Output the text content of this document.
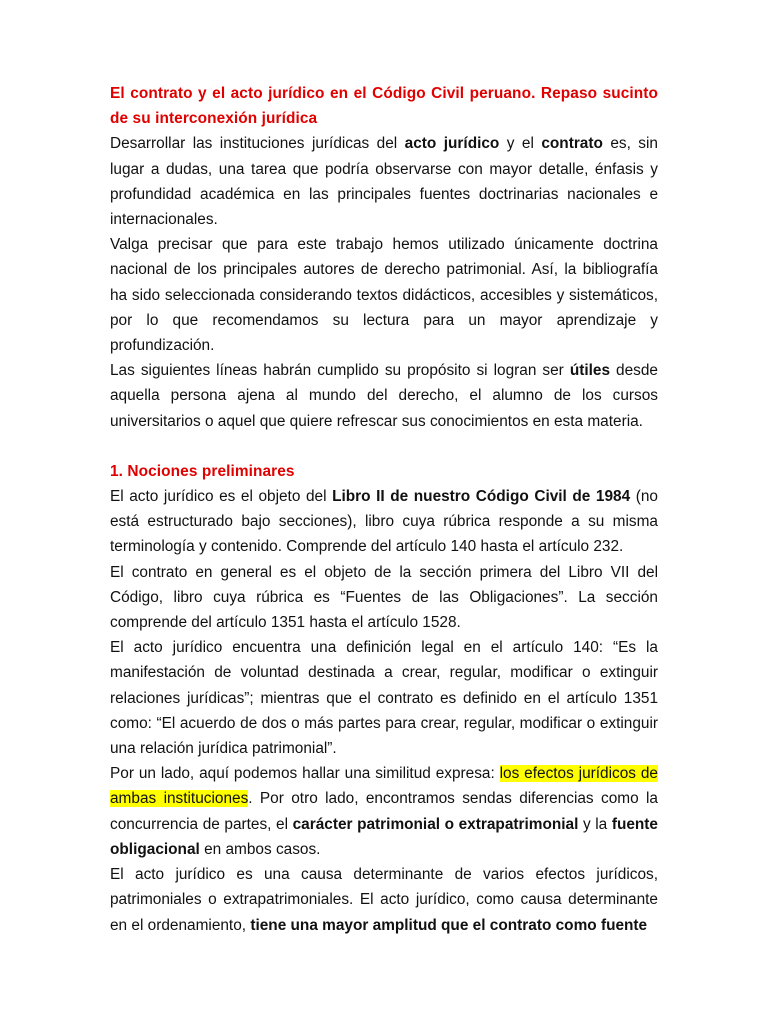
El contrato y el acto jurídico en el Código Civil peruano. Repaso sucinto de su interconexión jurídica

Desarrollar las instituciones jurídicas del acto jurídico y el contrato es, sin lugar a dudas, una tarea que podría observarse con mayor detalle, énfasis y profundidad académica en las principales fuentes doctrinarias nacionales e internacionales.

Valga precisar que para este trabajo hemos utilizado únicamente doctrina nacional de los principales autores de derecho patrimonial. Así, la bibliografía ha sido seleccionada considerando textos didácticos, accesibles y sistemáticos, por lo que recomendamos su lectura para un mayor aprendizaje y profundización.

Las siguientes líneas habrán cumplido su propósito si logran ser útiles desde aquella persona ajena al mundo del derecho, el alumno de los cursos universitarios o aquel que quiere refrescar sus conocimientos en esta materia.

1. Nociones preliminares

El acto jurídico es el objeto del Libro II de nuestro Código Civil de 1984 (no está estructurado bajo secciones), libro cuya rúbrica responde a su misma terminología y contenido. Comprende del artículo 140 hasta el artículo 232.

El contrato en general es el objeto de la sección primera del Libro VII del Código, libro cuya rúbrica es “Fuentes de las Obligaciones”. La sección comprende del artículo 1351 hasta el artículo 1528.

El acto jurídico encuentra una definición legal en el artículo 140: “Es la manifestación de voluntad destinada a crear, regular, modificar o extinguir relaciones jurídicas”; mientras que el contrato es definido en el artículo 1351 como: “El acuerdo de dos o más partes para crear, regular, modificar o extinguir una relación jurídica patrimonial”.

Por un lado, aquí podemos hallar una similitud expresa: los efectos jurídicos de ambas instituciones. Por otro lado, encontramos sendas diferencias como la concurrencia de partes, el carácter patrimonial o extrapatrimonial y la fuente obligacional en ambos casos.

El acto jurídico es una causa determinante de varios efectos jurídicos, patrimoniales o extrapatrimoniales. El acto jurídico, como causa determinante en el ordenamiento, tiene una mayor amplitud que el contrato como fuente
